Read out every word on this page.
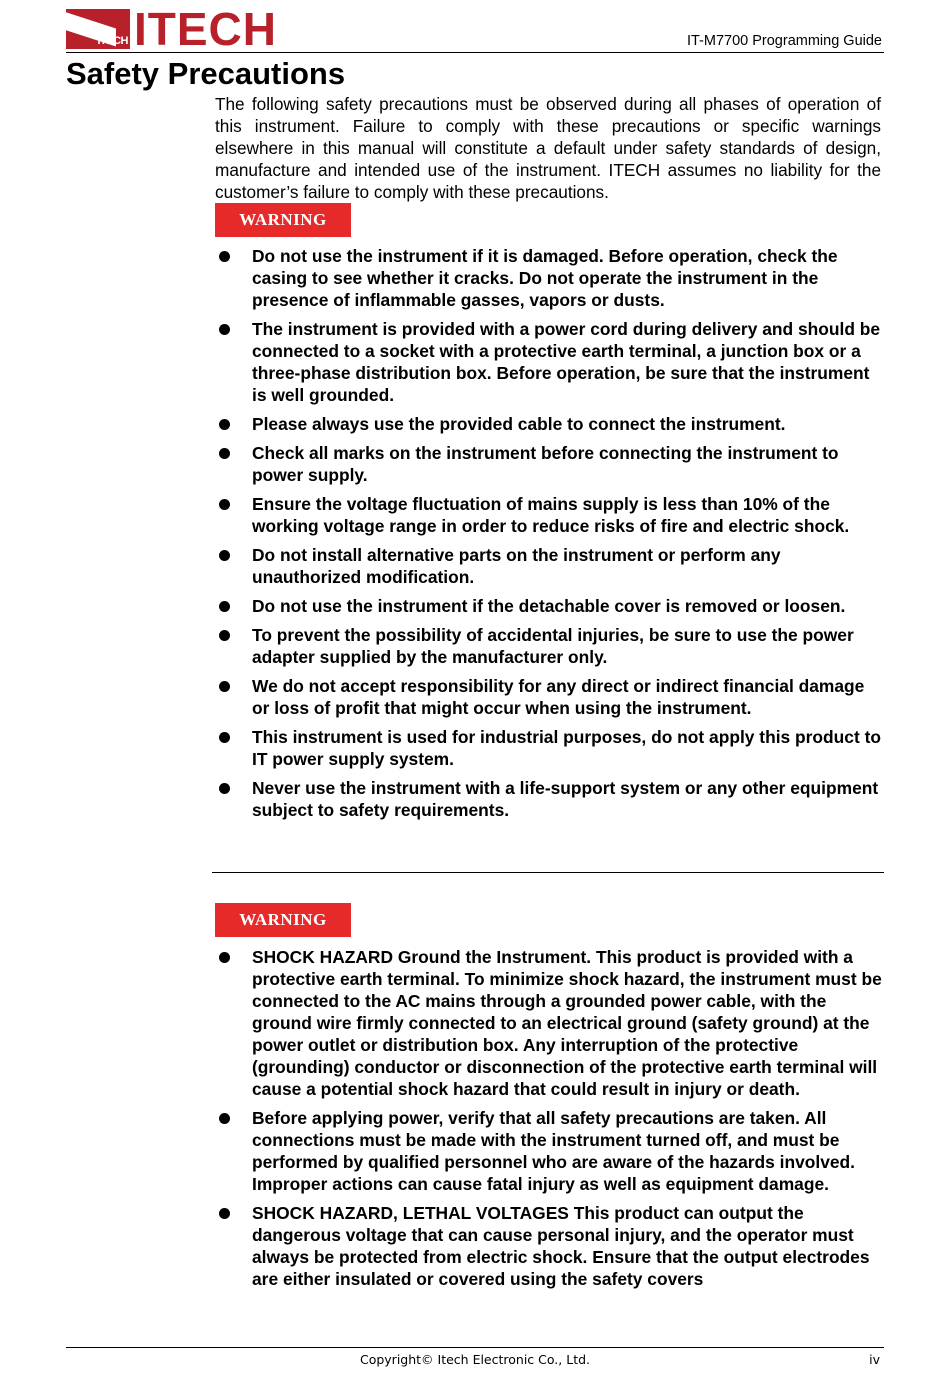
ITECH ITECH	IT-M7700 Programming Guide
Safety Precautions

The following safety precautions must be observed during all phases of operation of this instrument. Failure to comply with these precautions or specific warnings elsewhere in this manual will constitute a default under safety standards of design, manufacture and intended use of the instrument. ITECH assumes no liability for the customer’s failure to comply with these precautions.

WARNING
Do not use the instrument if it is damaged. Before operation, check the casing to see whether it cracks. Do not operate the instrument in the presence of inflammable gasses, vapors or dusts.
The instrument is provided with a power cord during delivery and should be connected to a socket with a protective earth terminal, a junction box or a three-phase distribution box. Before operation, be sure that the instrument is well grounded.
Please always use the provided cable to connect the instrument.
Check all marks on the instrument before connecting the instrument to power supply.
Ensure the voltage fluctuation of mains supply is less than 10% of the working voltage range in order to reduce risks of fire and electric shock.
Do not install alternative parts on the instrument or perform any unauthorized modification.
Do not use the instrument if the detachable cover is removed or loosen.
To prevent the possibility of accidental injuries, be sure to use the power adapter supplied by the manufacturer only.
We do not accept responsibility for any direct or indirect financial damage or loss of profit that might occur when using the instrument.
This instrument is used for industrial purposes, do not apply this product to IT power supply system.
Never use the instrument with a life-support system or any other equipment subject to safety requirements.
WARNING
SHOCK HAZARD Ground the Instrument. This product is provided with a protective earth terminal. To minimize shock hazard, the instrument must be connected to the AC mains through a grounded power cable, with the ground wire firmly connected to an electrical ground (safety ground) at the power outlet or distribution box. Any interruption of the protective (grounding) conductor or disconnection of the protective earth terminal will cause a potential shock hazard that could result in injury or death.
Before applying power, verify that all safety precautions are taken. All connections must be made with the instrument turned off, and must be performed by qualified personnel who are aware of the hazards involved. Improper actions can cause fatal injury as well as equipment damage.
SHOCK HAZARD, LETHAL VOLTAGES This product can output the dangerous voltage that can cause personal injury, and the operator must always be protected from electric shock. Ensure that the output electrodes are either insulated or covered using the safety covers
Copyright© Itech Electronic Co., Ltd.	iv
